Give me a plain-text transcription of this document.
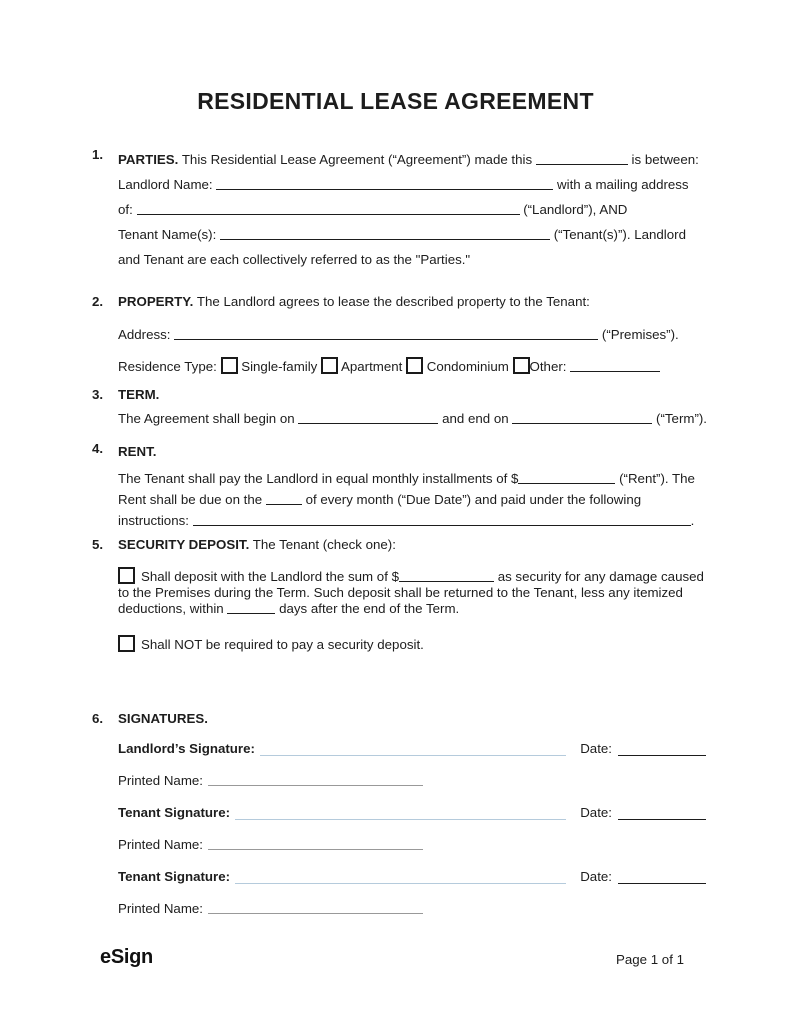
RESIDENTIAL LEASE AGREEMENT
1.	PARTIES. This Residential Lease Agreement (“Agreement”) made this	is between:
Landlord Name:	with a mailing address
of:	(“Landlord”), AND
Tenant Name(s):	(“Tenant(s)”). Landlord
and Tenant are each collectively referred to as the "Parties."
2.	PROPERTY. The Landlord agrees to lease the described property to the Tenant:
Address:	(“Premises”).
Residence Type: Single-family Apartment Condominium Other:
3.	TERM.
The Agreement shall begin on	and end on	(“Term”).
4.	RENT.
The Tenant shall pay the Landlord in equal monthly installments of $	(“Rent”). The
Rent shall be due on the	of every month (“Due Date”) and paid under the following
instructions:	.
5.	SECURITY DEPOSIT. The Tenant (check one):
Shall deposit with the Landlord the sum of $	as security for any damage caused to the Premises during the Term. Such deposit shall be returned to the Tenant, less any itemized deductions, within	days after the end of the Term.
Shall NOT be required to pay a security deposit.
6.	SIGNATURES.
Landlord’s Signature:	Date:
Printed Name:
Tenant Signature:	Date:
Printed Name:
Tenant Signature:	Date:
Printed Name:
eSign	Page 1 of 1
